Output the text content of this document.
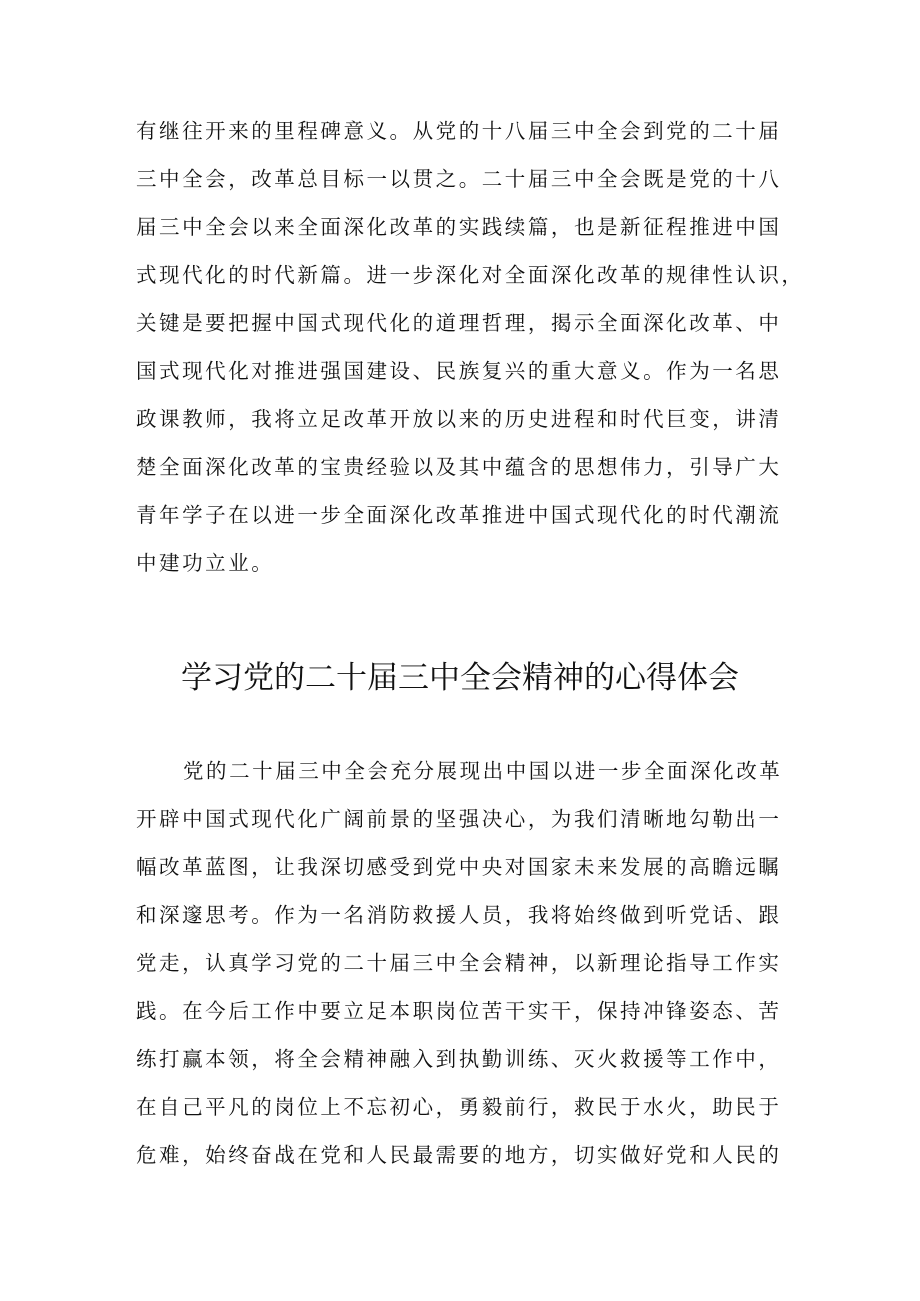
有继往开来的里程碑意义。从党的十八届三中全会到党的二十届

三中全会，改革总目标一以贯之。二十届三中全会既是党的十八

届三中全会以来全面深化改革的实践续篇，也是新征程推进中国

式现代化的时代新篇。进一步深化对全面深化改革的规律性认识，

关键是要把握中国式现代化的道理哲理，揭示全面深化改革、中

国式现代化对推进强国建设、民族复兴的重大意义。作为一名思

政课教师，我将立足改革开放以来的历史进程和时代巨变，讲清

楚全面深化改革的宝贵经验以及其中蕴含的思想伟力，引导广大

青年学子在以进一步全面深化改革推进中国式现代化的时代潮流

中建功立业。

学习党的二十届三中全会精神的心得体会

党的二十届三中全会充分展现出中国以进一步全面深化改革

开辟中国式现代化广阔前景的坚强决心，为我们清晰地勾勒出一

幅改革蓝图，让我深切感受到党中央对国家未来发展的高瞻远瞩

和深邃思考。作为一名消防救援人员，我将始终做到听党话、跟

党走，认真学习党的二十届三中全会精神，以新理论指导工作实

践。在今后工作中要立足本职岗位苦干实干，保持冲锋姿态、苦

练打赢本领，将全会精神融入到执勤训练、灭火救援等工作中，

在自己平凡的岗位上不忘初心，勇毅前行，救民于水火，助民于

危难，始终奋战在党和人民最需要的地方，切实做好党和人民的
